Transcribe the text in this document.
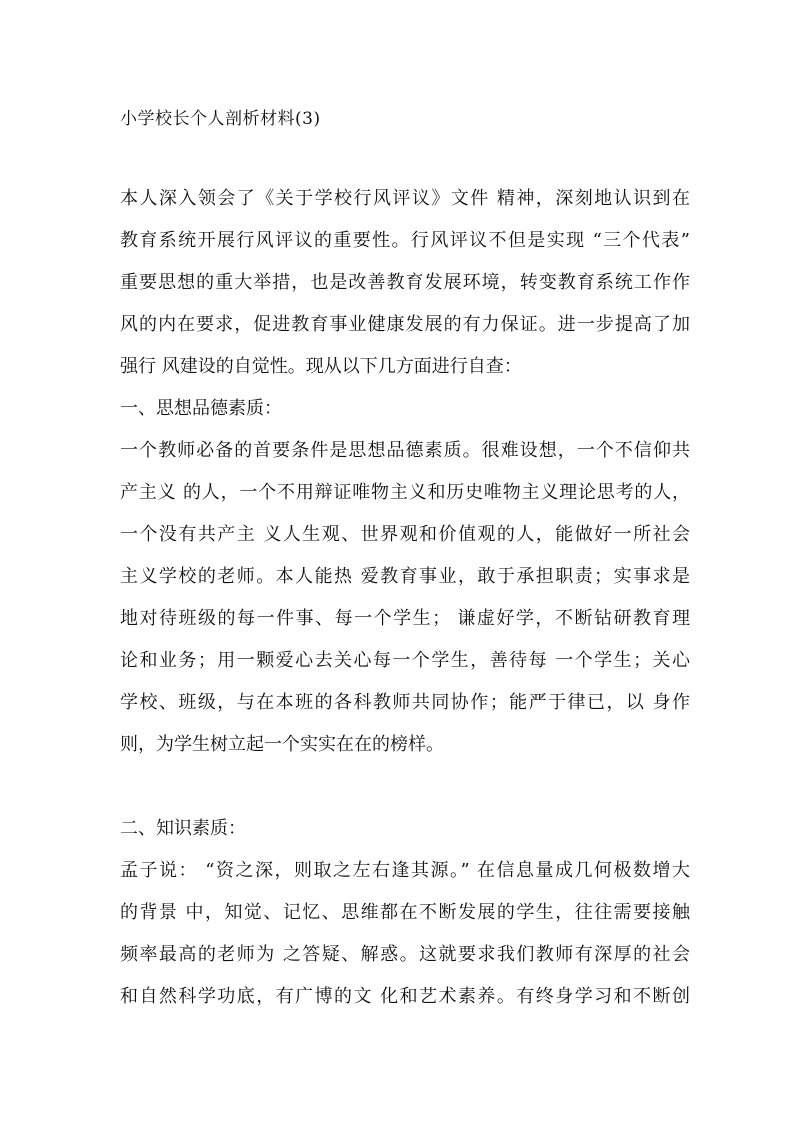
小学校长个人剖析材料(3)
本人深入领会了《关于学校行风评议》文件 精神，深刻地认识到在
教育系统开展行风评议的重要性。行风评议不但是实现 “三个代表”
重要思想的重大举措，也是改善教育发展环境，转变教育系统工作作
风的内在要求，促进教育事业健康发展的有力保证。进一步提高了加
强行 风建设的自觉性。现从以下几方面进行自查：
一、思想品德素质：
一个教师必备的首要条件是思想品德素质。很难设想，一个不信仰共
产主义 的人，一个不用辩证唯物主义和历史唯物主义理论思考的人，
一个没有共产主 义人生观、世界观和价值观的人，能做好一所社会
主义学校的老师。本人能热 爱教育事业，敢于承担职责；实事求是
地对待班级的每一件事、每一个学生； 谦虚好学，不断钻研教育理
论和业务；用一颗爱心去关心每一个学生，善待每 一个学生；关心
学校、班级，与在本班的各科教师共同协作；能严于律已，以 身作
则，为学生树立起一个实实在在的榜样。
二、知识素质：
孟子说： “资之深，则取之左右逢其源。” 在信息量成几何极数增大
的背景 中，知觉、记忆、思维都在不断发展的学生，往往需要接触
频率最高的老师为 之答疑、解惑。这就要求我们教师有深厚的社会
和自然科学功底，有广博的文 化和艺术素养。有终身学习和不断创
